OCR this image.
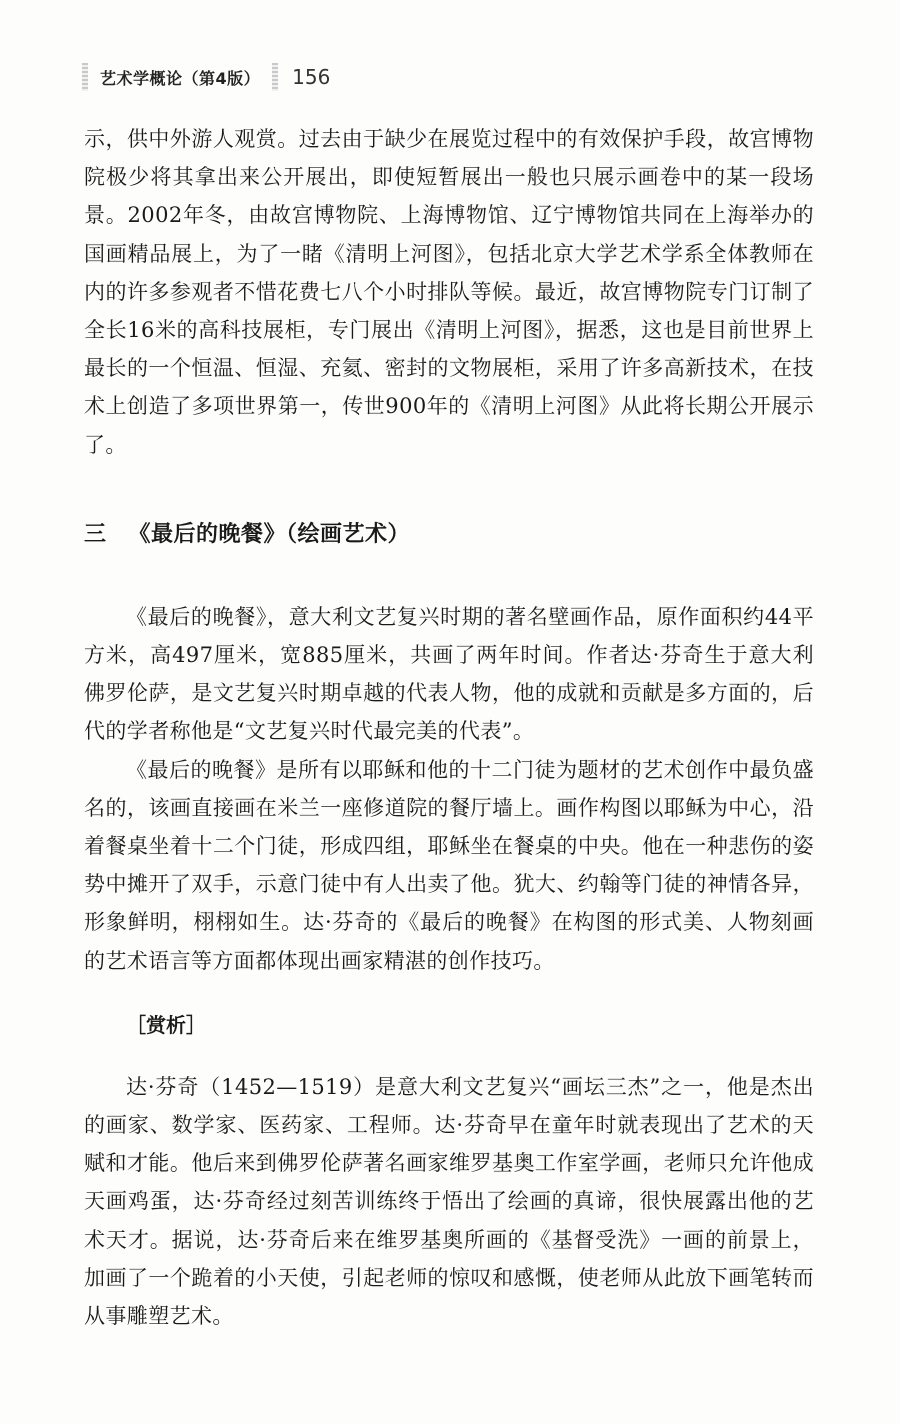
艺术学概论（第4版） 156

示，供中外游人观赏。过去由于缺少在展览过程中的有效保护手段，故宫博物院极少将其拿出来公开展出，即使短暂展出一般也只展示画卷中的某一段场景。2002年冬，由故宫博物院、上海博物馆、辽宁博物馆共同在上海举办的国画精品展上，为了一睹《清明上河图》，包括北京大学艺术学系全体教师在内的许多参观者不惜花费七八个小时排队等候。最近，故宫博物院专门订制了全长16米的高科技展柜，专门展出《清明上河图》，据悉，这也是目前世界上最长的一个恒温、恒湿、充氦、密封的文物展柜，采用了许多高新技术，在技术上创造了多项世界第一，传世900年的《清明上河图》从此将长期公开展示了。

三 《最后的晚餐》（绘画艺术）

《最后的晚餐》，意大利文艺复兴时期的著名壁画作品，原作面积约44平方米，高497厘米，宽885厘米，共画了两年时间。作者达·芬奇生于意大利佛罗伦萨，是文艺复兴时期卓越的代表人物，他的成就和贡献是多方面的，后代的学者称他是“文艺复兴时代最完美的代表”。

《最后的晚餐》是所有以耶稣和他的十二门徒为题材的艺术创作中最负盛名的，该画直接画在米兰一座修道院的餐厅墙上。画作构图以耶稣为中心，沿着餐桌坐着十二个门徒，形成四组，耶稣坐在餐桌的中央。他在一种悲伤的姿势中摊开了双手，示意门徒中有人出卖了他。犹大、约翰等门徒的神情各异，形象鲜明，栩栩如生。达·芬奇的《最后的晚餐》在构图的形式美、人物刻画的艺术语言等方面都体现出画家精湛的创作技巧。

［赏析］

达·芬奇（1452—1519）是意大利文艺复兴“画坛三杰”之一，他是杰出的画家、数学家、医药家、工程师。达·芬奇早在童年时就表现出了艺术的天赋和才能。他后来到佛罗伦萨著名画家维罗基奥工作室学画，老师只允许他成天画鸡蛋，达·芬奇经过刻苦训练终于悟出了绘画的真谛，很快展露出他的艺术天才。据说，达·芬奇后来在维罗基奥所画的《基督受洗》一画的前景上，加画了一个跪着的小天使，引起老师的惊叹和感慨，使老师从此放下画笔转而从事雕塑艺术。
